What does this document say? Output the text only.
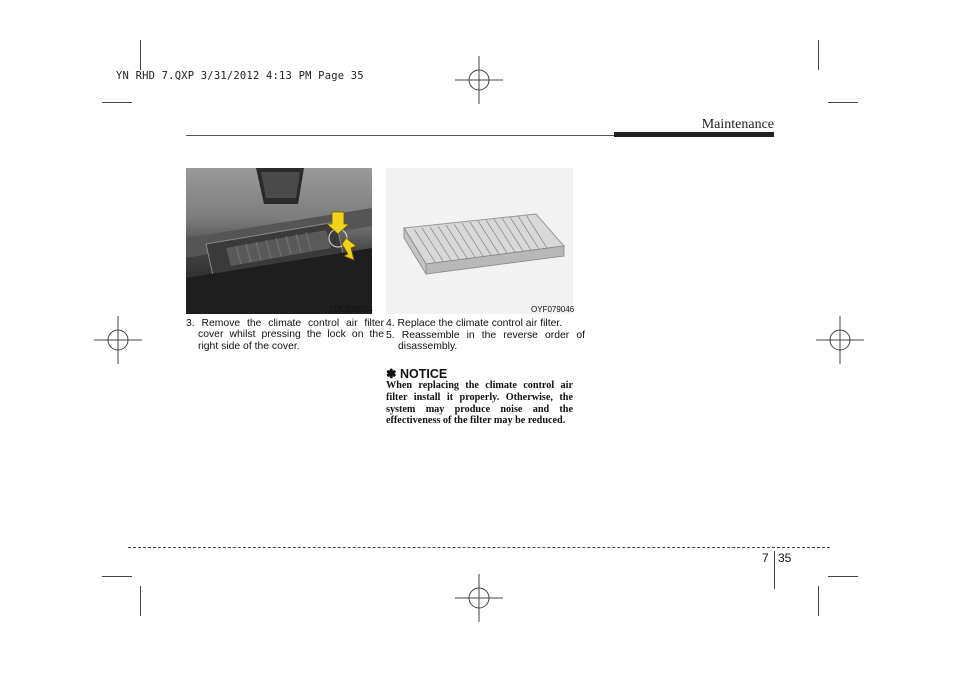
YN RHD 7.QXP 3/31/2012 4:13 PM Page 35
Maintenance
OJC070014	OYF079046
3. Remove the climate control air filter cover whilst pressing the lock on the right side of the cover.
4. Replace the climate control air filter.
5. Reassemble in the reverse order of disassembly.
✽ NOTICE
When replacing the climate control air filter install it properly. Otherwise, the system may produce noise and the effectiveness of the filter may be reduced.
7 35
